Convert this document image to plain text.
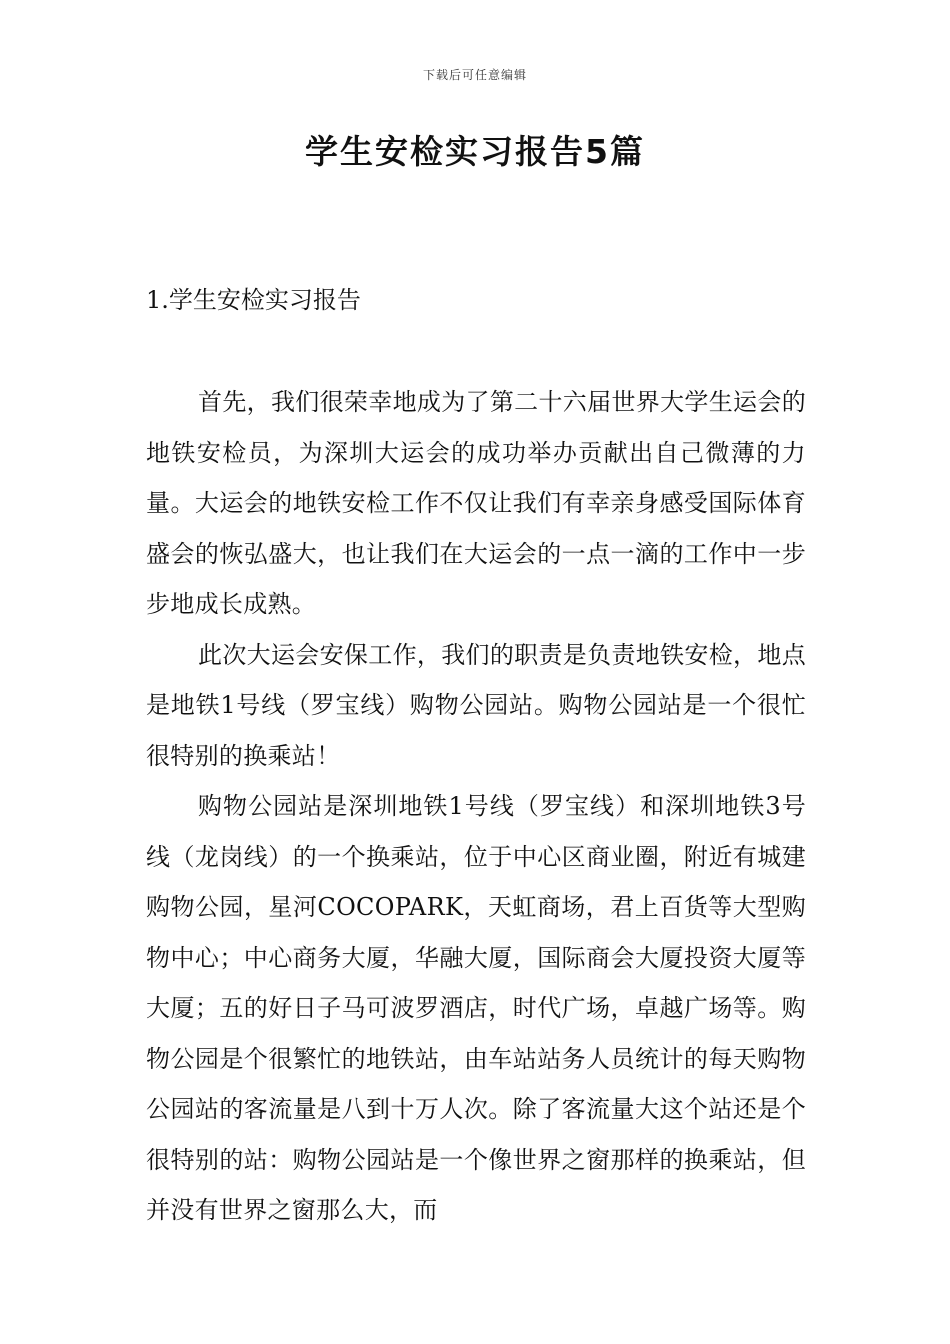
下载后可任意编辑
学生安检实习报告5篇
1.学生安检实习报告

首先，我们很荣幸地成为了第二十六届世界大学生运会的地铁安检员，为深圳大运会的成功举办贡献出自己微薄的力量。大运会的地铁安检工作不仅让我们有幸亲身感受国际体育盛会的恢弘盛大，也让我们在大运会的一点一滴的工作中一步步地成长成熟。

此次大运会安保工作，我们的职责是负责地铁安检，地点是地铁1号线（罗宝线）购物公园站。购物公园站是一个很忙很特别的换乘站！

购物公园站是深圳地铁1号线（罗宝线）和深圳地铁3号线（龙岗线）的一个换乘站，位于中心区商业圈，附近有城建购物公园，星河COCOPARK，天虹商场，君上百货等大型购物中心；中心商务大厦，华融大厦，国际商会大厦投资大厦等大厦；五的好日子马可波罗酒店，时代广场，卓越广场等。购物公园是个很繁忙的地铁站，由车站站务人员统计的每天购物公园站的客流量是八到十万人次。除了客流量大这个站还是个很特别的站：购物公园站是一个像世界之窗那样的换乘站，但并没有世界之窗那么大，而
